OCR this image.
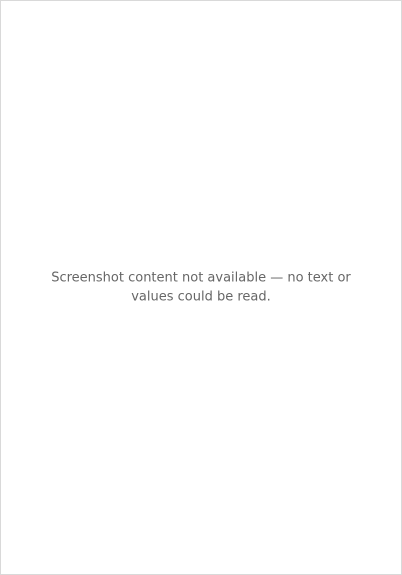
Screenshot content not available — no text or values could be read.
